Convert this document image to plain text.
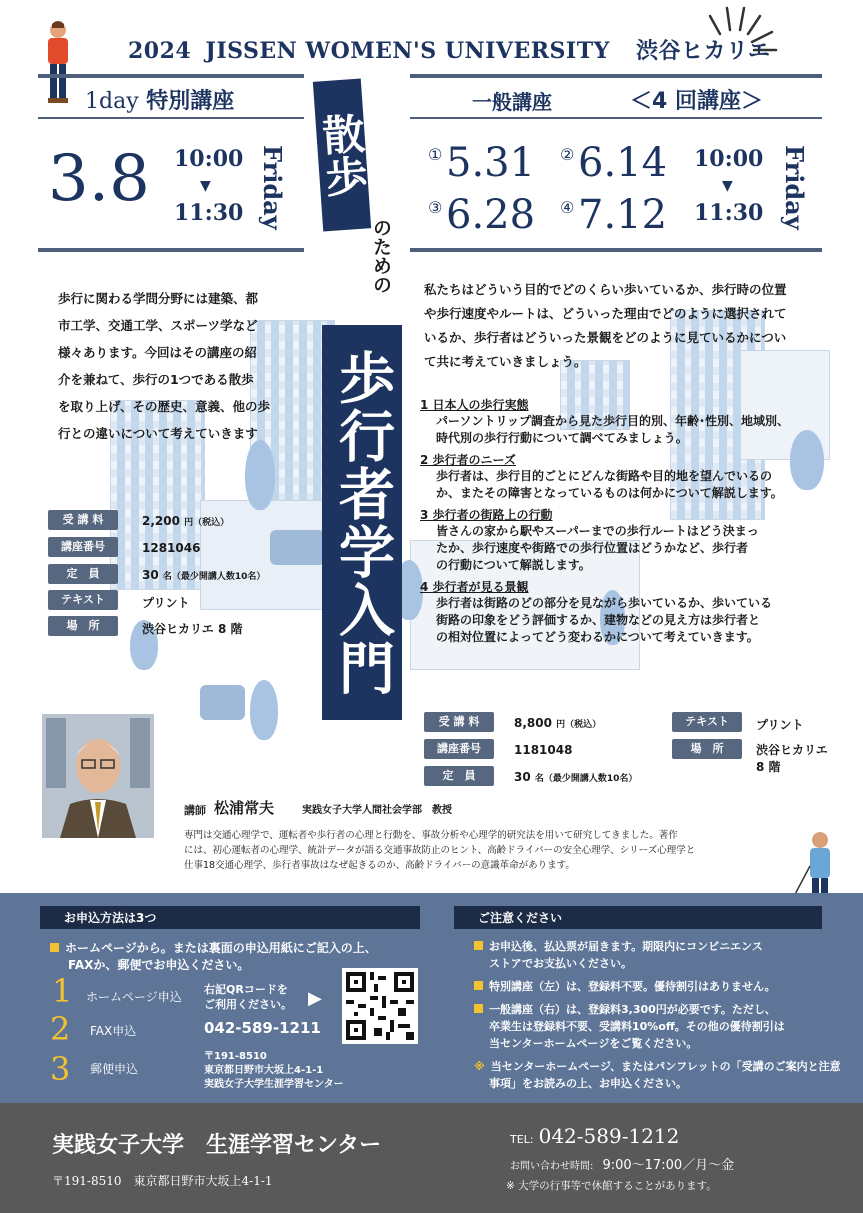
2024 JISSEN WOMEN'S UNIVERSITY 渋谷ヒカリエ
1day 特別講座
3.8 10:00
▼
11:30 Friday
一般講座	＜4 回講座＞
① 5.31 ② 6.14
③ 6.28 ④ 7.12
10:00
▼
11:30 Friday
散歩
のための
歩行者学入門
歩行に関わる学問分野には建築、都
市工学、交通工学、スポーツ学など
様々あります。今回はその講座の紹
介を兼ねて、歩行の1つである散歩
を取り上げ、その歴史、意義、他の歩
行との違いについて考えていきます
受 講 料	2,200 円（税込）
講座番号	1281046
定　員	30 名（最少開講人数10名）
テキスト	プリント
場　所	渋谷ヒカリエ 8 階
私たちはどういう目的でどのくらい歩いているか、歩行時の位置
や歩行速度やルートは、どういった理由でどのように選択されて
いるか、歩行者はどういった景観をどのように見ているかについ
て共に考えていきましょう。
1 日本人の歩行実態
パーソントリップ調査から見た歩行目的別、年齢･性別、地域別、
時代別の歩行行動について調べてみましょう。
2 歩行者のニーズ
歩行者は、歩行目的ごとにどんな街路や目的地を望んでいるの
か、またその障害となっているものは何かについて解説します。
3 歩行者の街路上の行動
皆さんの家から駅やスーパーまでの歩行ルートはどう決まっ
たか、歩行速度や街路での歩行位置はどうかなど、歩行者
の行動について解説します。
4 歩行者が見る景観
歩行者は街路のどの部分を見ながら歩いているか、歩いている
街路の印象をどう評価するか、建物などの見え方は歩行者と
の相対位置によってどう変わるかについて考えていきます。
受 講 料	8,800 円（税込）
講座番号	1181048
定　員	30 名（最少開講人数10名）
テキスト	プリント
場　所	渋谷ヒカリエ
8 階
講師 松浦常夫	実践女子大学人間社会学部　教授
専門は交通心理学で、運転者や歩行者の心理と行動を、事故分析や心理学的研究法を用いて研究してきました。著作
には、初心運転者の心理学、統計データが語る交通事故防止のヒント、高齢ドライバーの安全心理学、シリーズ心理学と
仕事18交通心理学、歩行者事故はなぜ起きるのか、高齢ドライバーの意識革命があります。
お申込方法は3つ	ご注意ください
ホームページから。または裏面の申込用紙にご記入の上、
FAXか、郵便でお申込ください。
1 ホームページ申込
右記QRコードを
ご利用ください。 ▶
2 FAX申込	042-589-1211
3 郵便申込
〒191-8510
東京都日野市大坂上4-1-1
実践女子大学生涯学習センター
お申込後、払込票が届きます。期限内にコンビニエンス
ストアでお支払いください。
特別講座（左）は、登録料不要。優待割引はありません。
一般講座（右）は、登録料3,300円が必要です。ただし、
卒業生は登録料不要、受講料10%off。その他の優待割引は
当センターホームページをご覧ください。
※ 当センターホームページ、またはパンフレットの「受講のご案内と注意
事項」をお読みの上、お申込ください。
実践女子大学　生涯学習センター
〒191-8510　東京都日野市大坂上4-1-1
TEL: 042-589-1212
お問い合わせ時間: 9:00～17:00／月～金
※ 大学の行事等で休館することがあります。
